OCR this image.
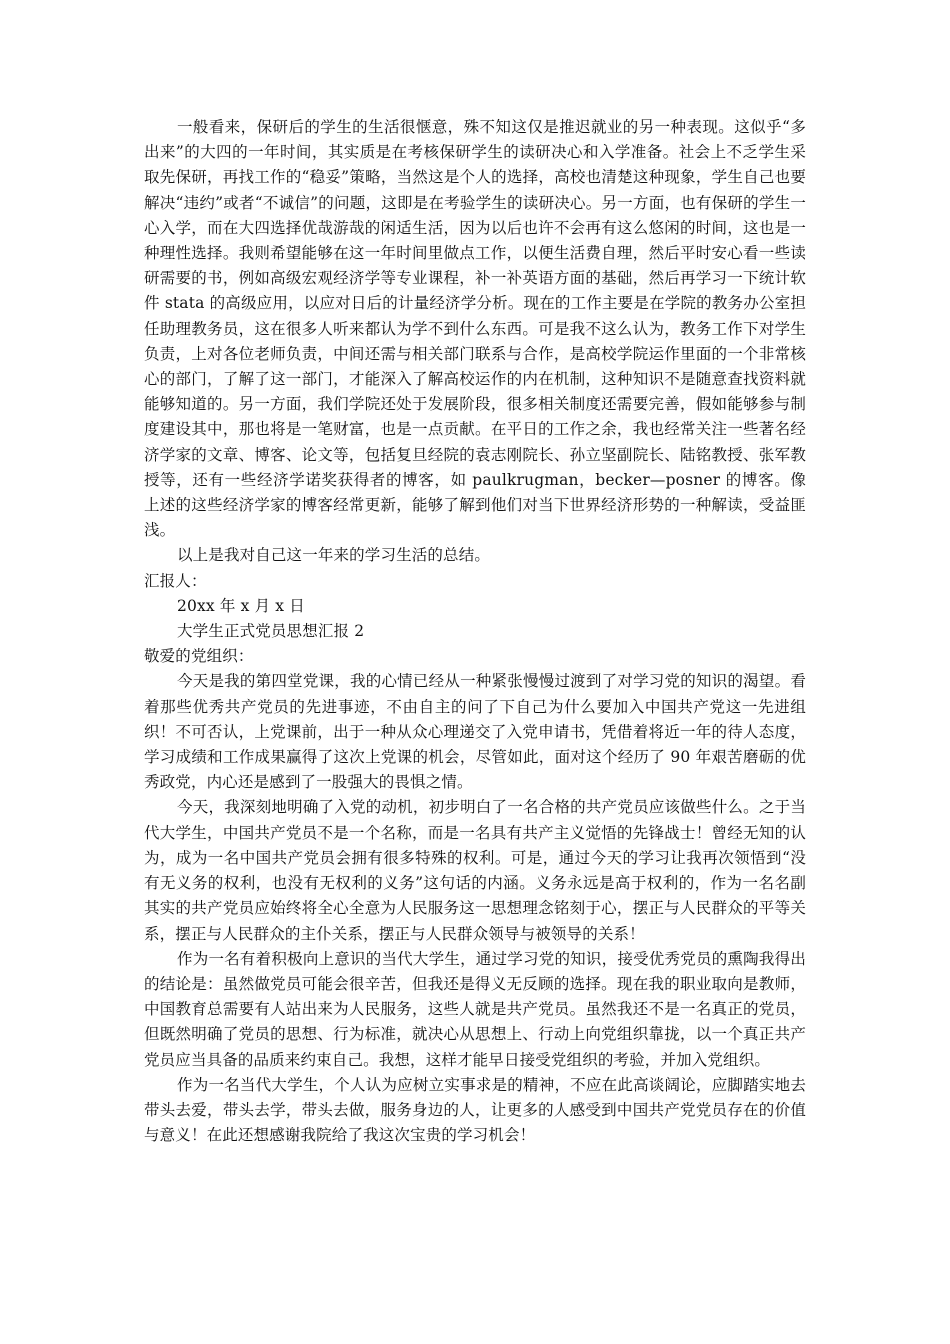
一般看来，保研后的学生的生活很惬意，殊不知这仅是推迟就业的另一种表现。这似乎“多出来”的大四的一年时间，其实质是在考核保研学生的读研决心和入学准备。社会上不乏学生采取先保研，再找工作的“稳妥”策略，当然这是个人的选择，高校也清楚这种现象，学生自己也要解决“违约”或者“不诚信”的问题，这即是在考验学生的读研决心。另一方面，也有保研的学生一心入学，而在大四选择优哉游哉的闲适生活，因为以后也许不会再有这么悠闲的时间，这也是一种理性选择。我则希望能够在这一年时间里做点工作，以便生活费自理，然后平时安心看一些读研需要的书，例如高级宏观经济学等专业课程，补一补英语方面的基础，然后再学习一下统计软件 stata 的高级应用，以应对日后的计量经济学分析。现在的工作主要是在学院的教务办公室担任助理教务员，这在很多人听来都认为学不到什么东西。可是我不这么认为，教务工作下对学生负责，上对各位老师负责，中间还需与相关部门联系与合作，是高校学院运作里面的一个非常核心的部门，了解了这一部门，才能深入了解高校运作的内在机制，这种知识不是随意查找资料就能够知道的。另一方面，我们学院还处于发展阶段，很多相关制度还需要完善，假如能够参与制度建设其中，那也将是一笔财富，也是一点贡献。在平日的工作之余，我也经常关注一些著名经济学家的文章、博客、论文等，包括复旦经院的袁志刚院长、孙立坚副院长、陆铭教授、张军教授等，还有一些经济学诺奖获得者的博客，如 paulkrugman，becker—posner 的博客。像上述的这些经济学家的博客经常更新，能够了解到他们对当下世界经济形势的一种解读，受益匪浅。

以上是我对自己这一年来的学习生活的总结。

汇报人：

20xx 年 x 月 x 日

大学生正式党员思想汇报 2

敬爱的党组织：

今天是我的第四堂党课，我的心情已经从一种紧张慢慢过渡到了对学习党的知识的渴望。看着那些优秀共产党员的先进事迹，不由自主的问了下自己为什么要加入中国共产党这一先进组织！不可否认，上党课前，出于一种从众心理递交了入党申请书，凭借着将近一年的待人态度，学习成绩和工作成果赢得了这次上党课的机会，尽管如此，面对这个经历了 90 年艰苦磨砺的优秀政党，内心还是感到了一股强大的畏惧之情。

今天，我深刻地明确了入党的动机，初步明白了一名合格的共产党员应该做些什么。之于当代大学生，中国共产党员不是一个名称，而是一名具有共产主义觉悟的先锋战士！曾经无知的认为，成为一名中国共产党员会拥有很多特殊的权利。可是，通过今天的学习让我再次领悟到“没有无义务的权利，也没有无权利的义务”这句话的内涵。义务永远是高于权利的，作为一名名副其实的共产党员应始终将全心全意为人民服务这一思想理念铭刻于心，摆正与人民群众的平等关系，摆正与人民群众的主仆关系，摆正与人民群众领导与被领导的关系！

作为一名有着积极向上意识的当代大学生，通过学习党的知识，接受优秀党员的熏陶我得出的结论是：虽然做党员可能会很辛苦，但我还是得义无反顾的选择。现在我的职业取向是教师，中国教育总需要有人站出来为人民服务，这些人就是共产党员。虽然我还不是一名真正的党员，但既然明确了党员的思想、行为标准，就决心从思想上、行动上向党组织靠拢，以一个真正共产党员应当具备的品质来约束自己。我想，这样才能早日接受党组织的考验，并加入党组织。

作为一名当代大学生，个人认为应树立实事求是的精神，不应在此高谈阔论，应脚踏实地去带头去爱，带头去学，带头去做，服务身边的人，让更多的人感受到中国共产党党员存在的价值与意义！在此还想感谢我院给了我这次宝贵的学习机会！
